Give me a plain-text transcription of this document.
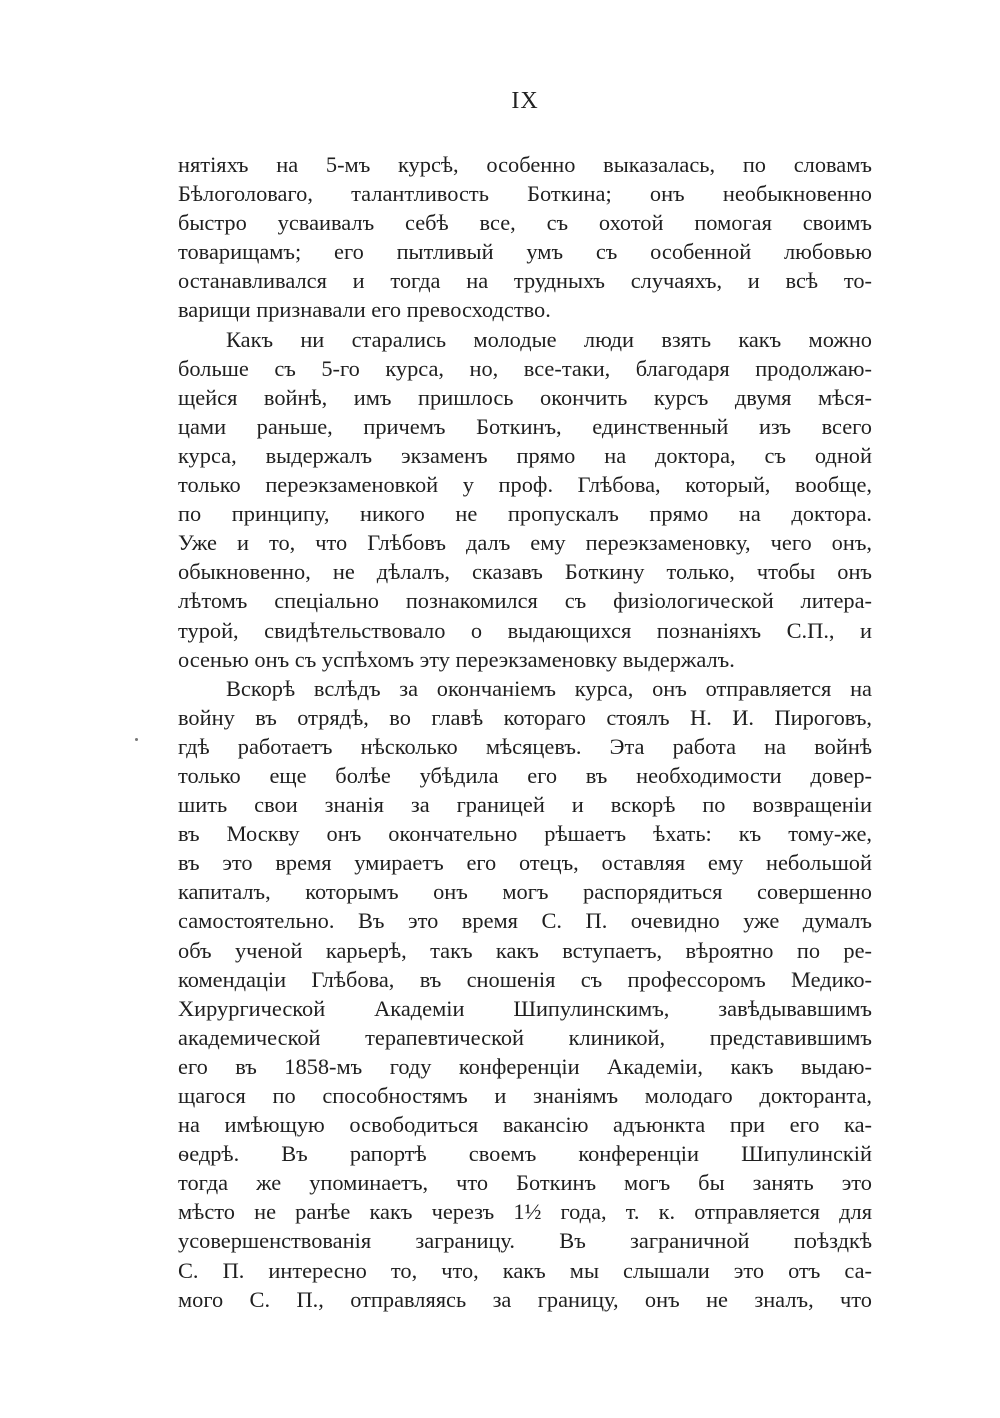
IX
нятіяхъ на 5-мъ курсѣ, особенно выказалась, по словамъ
Бѣлоголоваго, талантливость Боткина; онъ необыкновенно
быстро усваивалъ себѣ все, съ охотой помогая своимъ
товарищамъ; его пытливый умъ съ особенной любовью
останавливался и тогда на трудныхъ случаяхъ, и всѣ то-
варищи признавали его превосходство.
Какъ ни старались молодые люди взять какъ можно
больше съ 5-го курса, но, все-таки, благодаря продолжаю-
щейся войнѣ, имъ пришлось окончить курсъ двумя мѣся-
цами раньше, причемъ Боткинъ, единственный изъ всего
курса, выдержалъ экзаменъ прямо на доктора, съ одной
только переэкзаменовкой у проф. Глѣбова, который, вообще,
по принципу, никого не пропускалъ прямо на доктора.
Уже и то, что Глѣбовъ далъ ему переэкзаменовку, чего онъ,
обыкновенно, не дѣлалъ, сказавъ Боткину только, чтобы онъ
лѣтомъ спеціально познакомился съ физіологической литера-
турой, свидѣтельствовало о выдающихся познаніяхъ С.П., и
осенью онъ съ успѣхомъ эту переэкзаменовку выдержалъ.
Вскорѣ вслѣдъ за окончаніемъ курса, онъ отправляется на
войну въ отрядѣ, во главѣ котораго стоялъ Н. И. Пироговъ,
гдѣ работаетъ нѣсколько мѣсяцевъ. Эта работа на войнѣ
только еще болѣе убѣдила его въ необходимости довер-
шить свои знанія за границей и вскорѣ по возвращеніи
въ Москву онъ окончательно рѣшаетъ ѣхать: къ тому-же,
въ это время умираетъ его отецъ, оставляя ему небольшой
капиталъ, которымъ онъ могъ распорядиться совершенно
самостоятельно. Въ это время С. П. очевидно уже думалъ
объ ученой карьерѣ, такъ какъ вступаетъ, вѣроятно по ре-
комендаціи Глѣбова, въ сношенія съ профессоромъ Медико-
Хирургической Академіи Шипулинскимъ, завѣдывавшимъ
академической терапевтической клиникой, представившимъ
его въ 1858-мъ году конференціи Академіи, какъ выдаю-
щагося по способностямъ и знаніямъ молодаго докторанта,
на имѣющую освободиться вакансію адъюнкта при его ка-
ѳедрѣ. Въ рапортѣ своемъ конференціи Шипулинскій
тогда же упоминаетъ, что Боткинъ могъ бы занять это
мѣсто не ранѣе какъ черезъ 1½ года, т. к. отправляется для
усовершенствованія заграницу. Въ заграничной поѣздкѣ
С. П. интересно то, что, какъ мы слышали это отъ са-
мого С. П., отправляясь за границу, онъ не зналъ, что
